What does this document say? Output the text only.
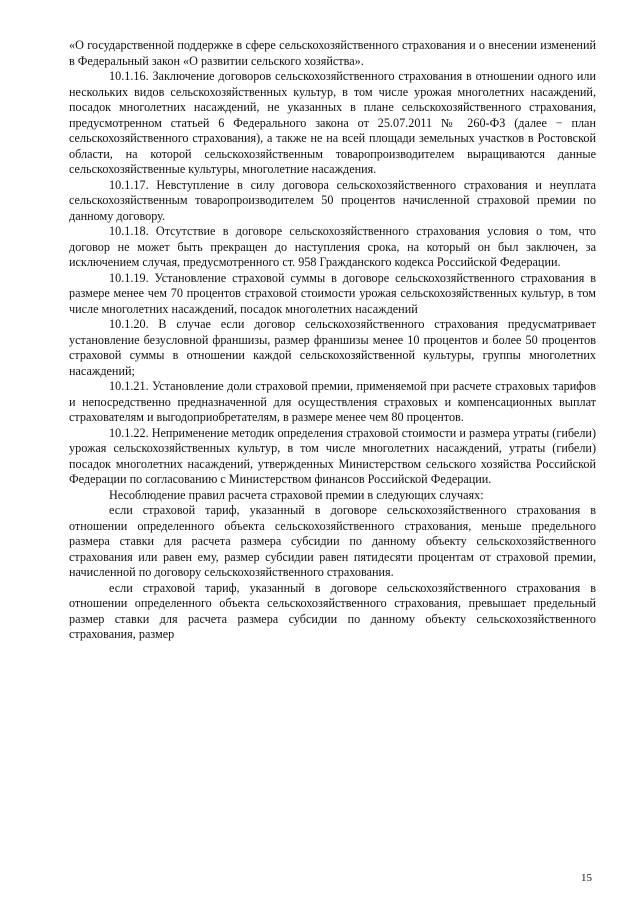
«О государственной поддержке в сфере сельскохозяйственного страхования и о внесении изменений в Федеральный закон «О развитии сельского хозяйства».

10.1.16. Заключение договоров сельскохозяйственного страхования в отношении одного или нескольких видов сельскохозяйственных культур, в том числе урожая многолетних насаждений, посадок многолетних насаждений, не указанных в плане сельскохозяйственного страхования, предусмотренном статьей 6 Федерального закона от 25.07.2011 № 260-ФЗ (далее − план сельскохозяйственного страхования), а также не на всей площади земельных участков в Ростовской области, на которой сельскохозяйственным товаропроизводителем выращиваются данные сельскохозяйственные культуры, многолетние насаждения.

10.1.17. Невступление в силу договора сельскохозяйственного страхования и неуплата сельскохозяйственным товаропроизводителем 50 процентов начисленной страховой премии по данному договору.

10.1.18. Отсутствие в договоре сельскохозяйственного страхования условия о том, что договор не может быть прекращен до наступления срока, на который он был заключен, за исключением случая, предусмотренного ст. 958 Гражданского кодекса Российской Федерации.

10.1.19. Установление страховой суммы в договоре сельскохозяйственного страхования в размере менее чем 70 процентов страховой стоимости урожая сельскохозяйственных культур, в том числе многолетних насаждений, посадок многолетних насаждений

10.1.20. В случае если договор сельскохозяйственного страхования предусматривает установление безусловной франшизы, размер франшизы менее 10 процентов и более 50 процентов страховой суммы в отношении каждой сельскохозяйственной культуры, группы многолетних насаждений;

10.1.21. Установление доли страховой премии, применяемой при расчете страховых тарифов и непосредственно предназначенной для осуществления страховых и компенсационных выплат страхователям и выгодоприобретателям, в размере менее чем 80 процентов.

10.1.22. Неприменение методик определения страховой стоимости и размера утраты (гибели) урожая сельскохозяйственных культур, в том числе многолетних насаждений, утраты (гибели) посадок многолетних насаждений, утвержденных Министерством сельского хозяйства Российской Федерации по согласованию с Министерством финансов Российской Федерации.

Несоблюдение правил расчета страховой премии в следующих случаях:

если страховой тариф, указанный в договоре сельскохозяйственного страхования в отношении определенного объекта сельскохозяйственного страхования, меньше предельного размера ставки для расчета размера субсидии по данному объекту сельскохозяйственного страхования или равен ему, размер субсидии равен пятидесяти процентам от страховой премии, начисленной по договору сельскохозяйственного страхования.

если страховой тариф, указанный в договоре сельскохозяйственного страхования в отношении определенного объекта сельскохозяйственного страхования, превышает предельный размер ставки для расчета размера субсидии по данному объекту сельскохозяйственного страхования, размер

15
